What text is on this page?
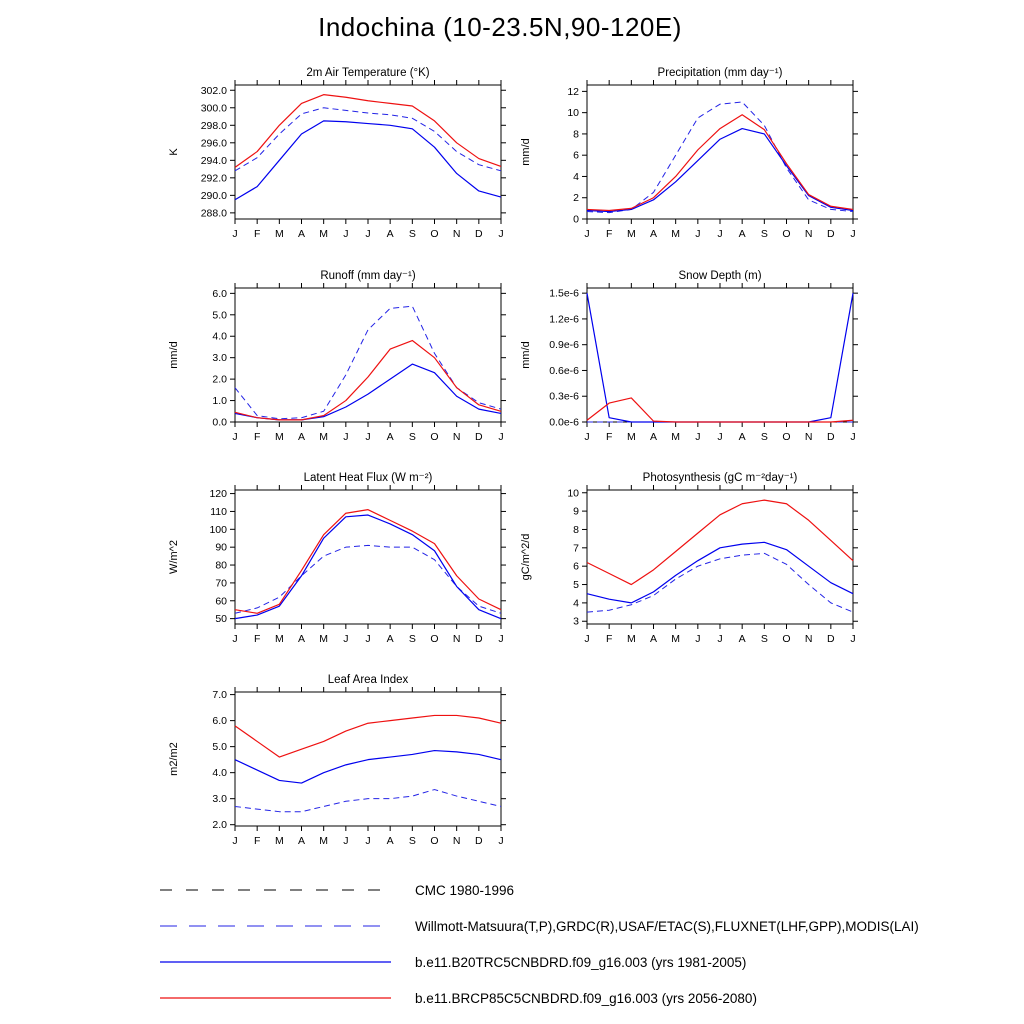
Indochina (10-23.5N,90-120E)
2m Air Temperature (°K)
K
288.0
290.0
292.0
294.0
296.0
298.0
300.0
302.0
J F M A M J J A S O N D J
Precipitation (mm day⁻¹)
mm/d
0
2
4
6
8
10
12
J F M A M J J A S O N D J
Runoff (mm day⁻¹)
mm/d
0.0
1.0
2.0
3.0
4.0
5.0
6.0
J F M A M J J A S O N D J
Snow Depth (m)
mm/d
0.0e-6
0.3e-6
0.6e-6
0.9e-6
1.2e-6
1.5e-6
J F M A M J J A S O N D J
Latent Heat Flux (W m⁻²)
W/m^2
50
60
70
80
90
100
110
120
J F M A M J J A S O N D J
Photosynthesis (gC m⁻²day⁻¹)
gC/m^2/d
3
4
5
6
7
8
9
10
J F M A M J J A S O N D J
Leaf Area Index
m2/m2
2.0
3.0
4.0
5.0
6.0
7.0
J F M A M J J A S O N D J
CMC 1980-1996
Willmott-Matsuura(T,P),GRDC(R),USAF/ETAC(S),FLUXNET(LHF,GPP),MODIS(LAI)
b.e11.B20TRC5CNBDRD.f09_g16.003 (yrs 1981-2005)
b.e11.BRCP85C5CNBDRD.f09_g16.003 (yrs 2056-2080)
